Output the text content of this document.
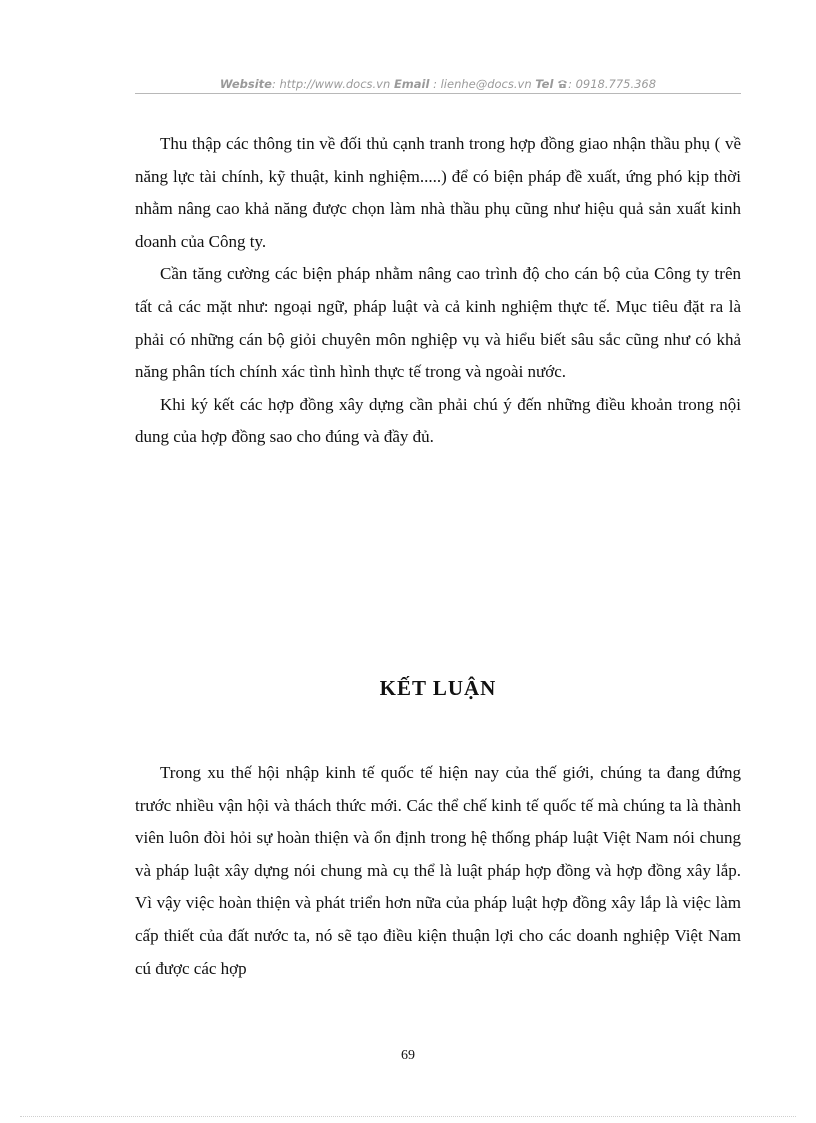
Website: http://www.docs.vn Email : lienhe@docs.vn Tel : 0918.775.368

Thu thập các thông tin về đối thủ cạnh tranh trong hợp đồng giao nhận thầu phụ ( về năng lực tài chính, kỹ thuật, kinh nghiệm.....) để có biện pháp đề xuất, ứng phó kịp thời nhằm nâng cao khả năng được chọn làm nhà thầu phụ cũng như hiệu quả sản xuất kinh doanh của Công ty.

Cần tăng cường các biện pháp nhằm nâng cao trình độ cho cán bộ của Công ty trên tất cả các mặt như: ngoại ngữ, pháp luật và cả kinh nghiệm thực tế. Mục tiêu đặt ra là phải có những cán bộ giỏi chuyên môn nghiệp vụ và hiểu biết sâu sắc cũng như có khả năng phân tích chính xác tình hình thực tế trong và ngoài nước.

Khi ký kết các hợp đồng xây dựng cần phải chú ý đến những điều khoản trong nội dung của hợp đồng sao cho đúng và đầy đủ.

KẾT LUẬN

Trong xu thế hội nhập kinh tế quốc tế hiện nay của thế giới, chúng ta đang đứng trước nhiều vận hội và thách thức mới. Các thể chế kinh tế quốc tế mà chúng ta là thành viên luôn đòi hỏi sự hoàn thiện và ổn định trong hệ thống pháp luật Việt Nam nói chung và pháp luật xây dựng nói chung mà cụ thể là luật pháp hợp đồng và hợp đồng xây lắp. Vì vậy việc hoàn thiện và phát triển hơn nữa của pháp luật hợp đồng xây lắp là việc làm cấp thiết của đất nước ta, nó sẽ tạo điều kiện thuận lợi cho các doanh nghiệp Việt Nam cú được các hợp

69
